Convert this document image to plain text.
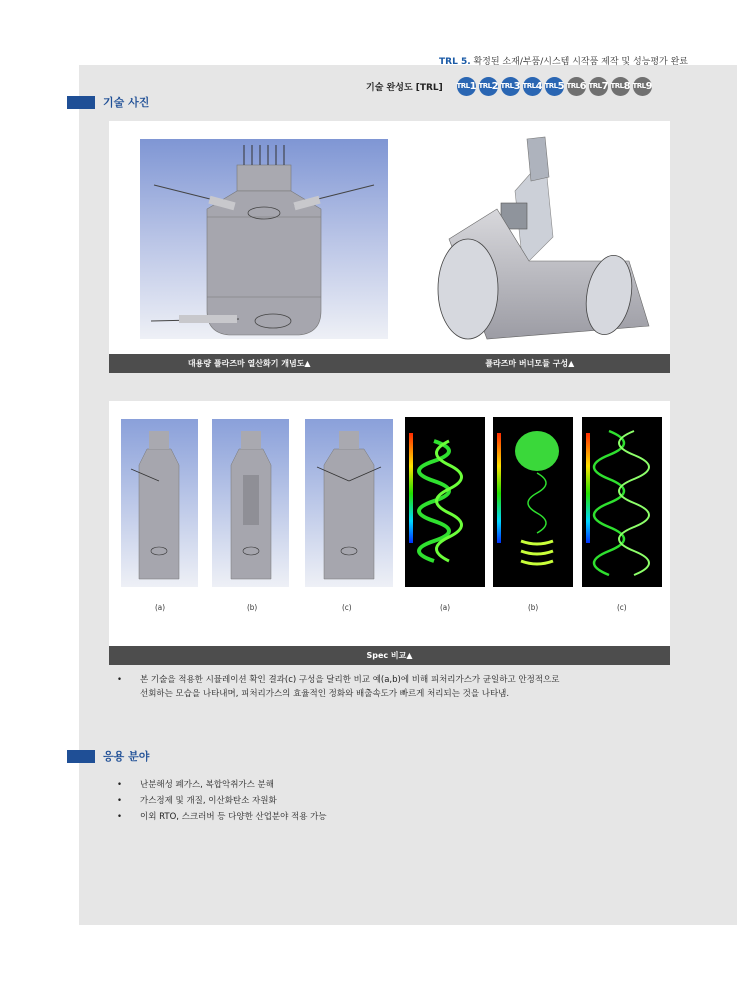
TRL 5. 확정된 소재/부품/시스템 시작품 제작 및 성능평가 완료
기술 완성도 [TRL] TRL 1 TRL 2 TRL 3 TRL 4 TRL 5 TRL 6 TRL 7 TRL 8 TRL 9
기술 사진
대용량 플라즈마 열산화기 개념도▲	플라즈마 버너모듈 구성▲
(a)	(b)	(c)	(a)	(b)	(c)
Spec 비교▲
• 본 기술을 적용한 시뮬레이션 확인 결과(c) 구성을 달리한 비교 예(a,b)에 비해 피처리가스가 균일하고 안정적으로
선회하는 모습을 나타내며, 피처리가스의 효율적인 정화와 배출속도가 빠르게 처리되는 것을 나타냄.
응용 분야
• 난분해성 폐가스, 복합악취가스 분해
• 가스정제 및 개질, 이산화탄소 자원화
• 이외 RTO, 스크러버 등 다양한 산업분야 적용 가능
